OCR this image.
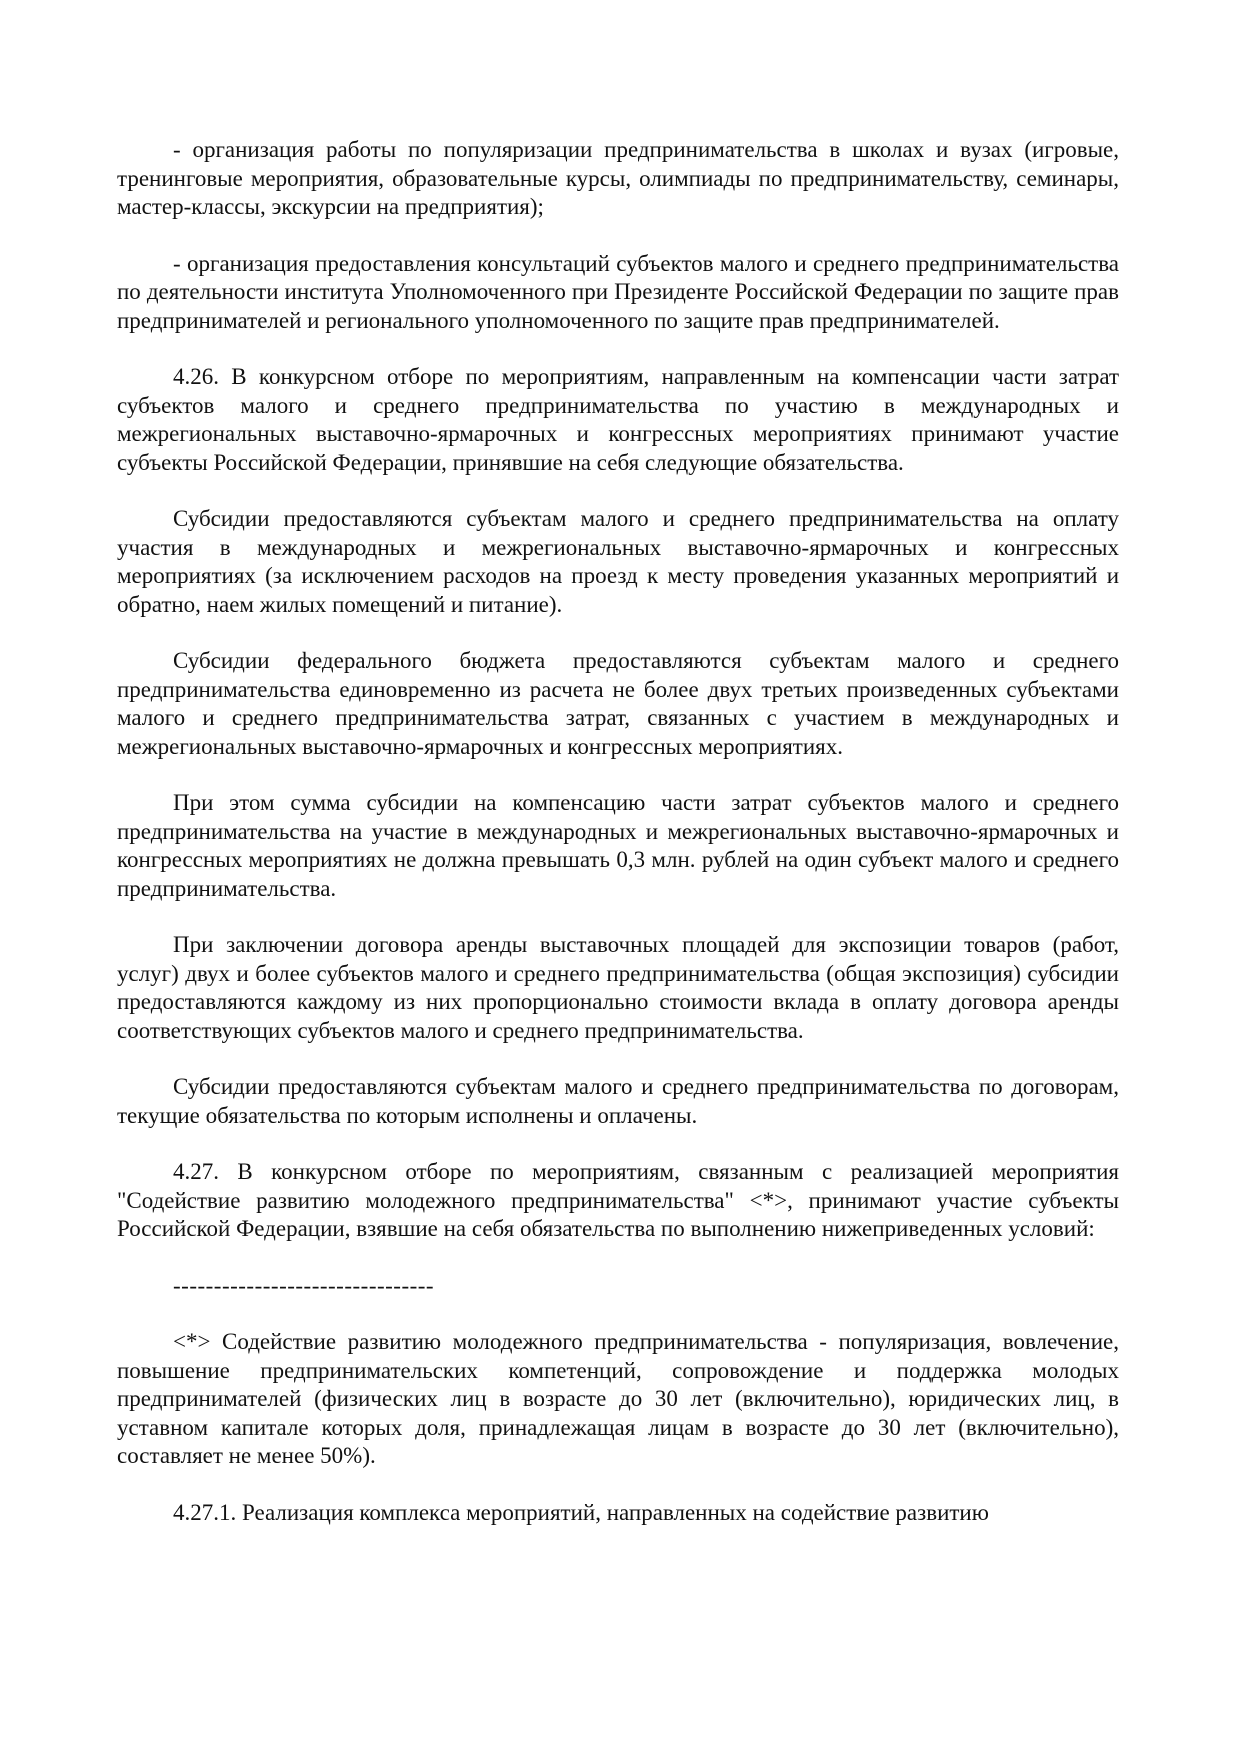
- организация работы по популяризации предпринимательства в школах и вузах (игровые, тренинговые мероприятия, образовательные курсы, олимпиады по предпринимательству, семинары, мастер-классы, экскурсии на предприятия);

- организация предоставления консультаций субъектов малого и среднего предпринимательства по деятельности института Уполномоченного при Президенте Российской Федерации по защите прав предпринимателей и регионального уполномоченного по защите прав предпринимателей.

4.26. В конкурсном отборе по мероприятиям, направленным на компенсации части затрат субъектов малого и среднего предпринимательства по участию в международных и межрегиональных выставочно-ярмарочных и конгрессных мероприятиях принимают участие субъекты Российской Федерации, принявшие на себя следующие обязательства.

Субсидии предоставляются субъектам малого и среднего предпринимательства на оплату участия в международных и межрегиональных выставочно-ярмарочных и конгрессных мероприятиях (за исключением расходов на проезд к месту проведения указанных мероприятий и обратно, наем жилых помещений и питание).

Субсидии федерального бюджета предоставляются субъектам малого и среднего предпринимательства единовременно из расчета не более двух третьих произведенных субъектами малого и среднего предпринимательства затрат, связанных с участием в международных и межрегиональных выставочно-ярмарочных и конгрессных мероприятиях.

При этом сумма субсидии на компенсацию части затрат субъектов малого и среднего предпринимательства на участие в международных и межрегиональных выставочно-ярмарочных и конгрессных мероприятиях не должна превышать 0,3 млн. рублей на один субъект малого и среднего предпринимательства.

При заключении договора аренды выставочных площадей для экспозиции товаров (работ, услуг) двух и более субъектов малого и среднего предпринимательства (общая экспозиция) субсидии предоставляются каждому из них пропорционально стоимости вклада в оплату договора аренды соответствующих субъектов малого и среднего предпринимательства.

Субсидии предоставляются субъектам малого и среднего предпринимательства по договорам, текущие обязательства по которым исполнены и оплачены.

4.27. В конкурсном отборе по мероприятиям, связанным с реализацией мероприятия "Содействие развитию молодежного предпринимательства" <*>, принимают участие субъекты Российской Федерации, взявшие на себя обязательства по выполнению нижеприведенных условий:

--------------------------------

<*> Содействие развитию молодежного предпринимательства - популяризация, вовлечение, повышение предпринимательских компетенций, сопровождение и поддержка молодых предпринимателей (физических лиц в возрасте до 30 лет (включительно), юридических лиц, в уставном капитале которых доля, принадлежащая лицам в возрасте до 30 лет (включительно), составляет не менее 50%).

4.27.1. Реализация комплекса мероприятий, направленных на содействие развитию
